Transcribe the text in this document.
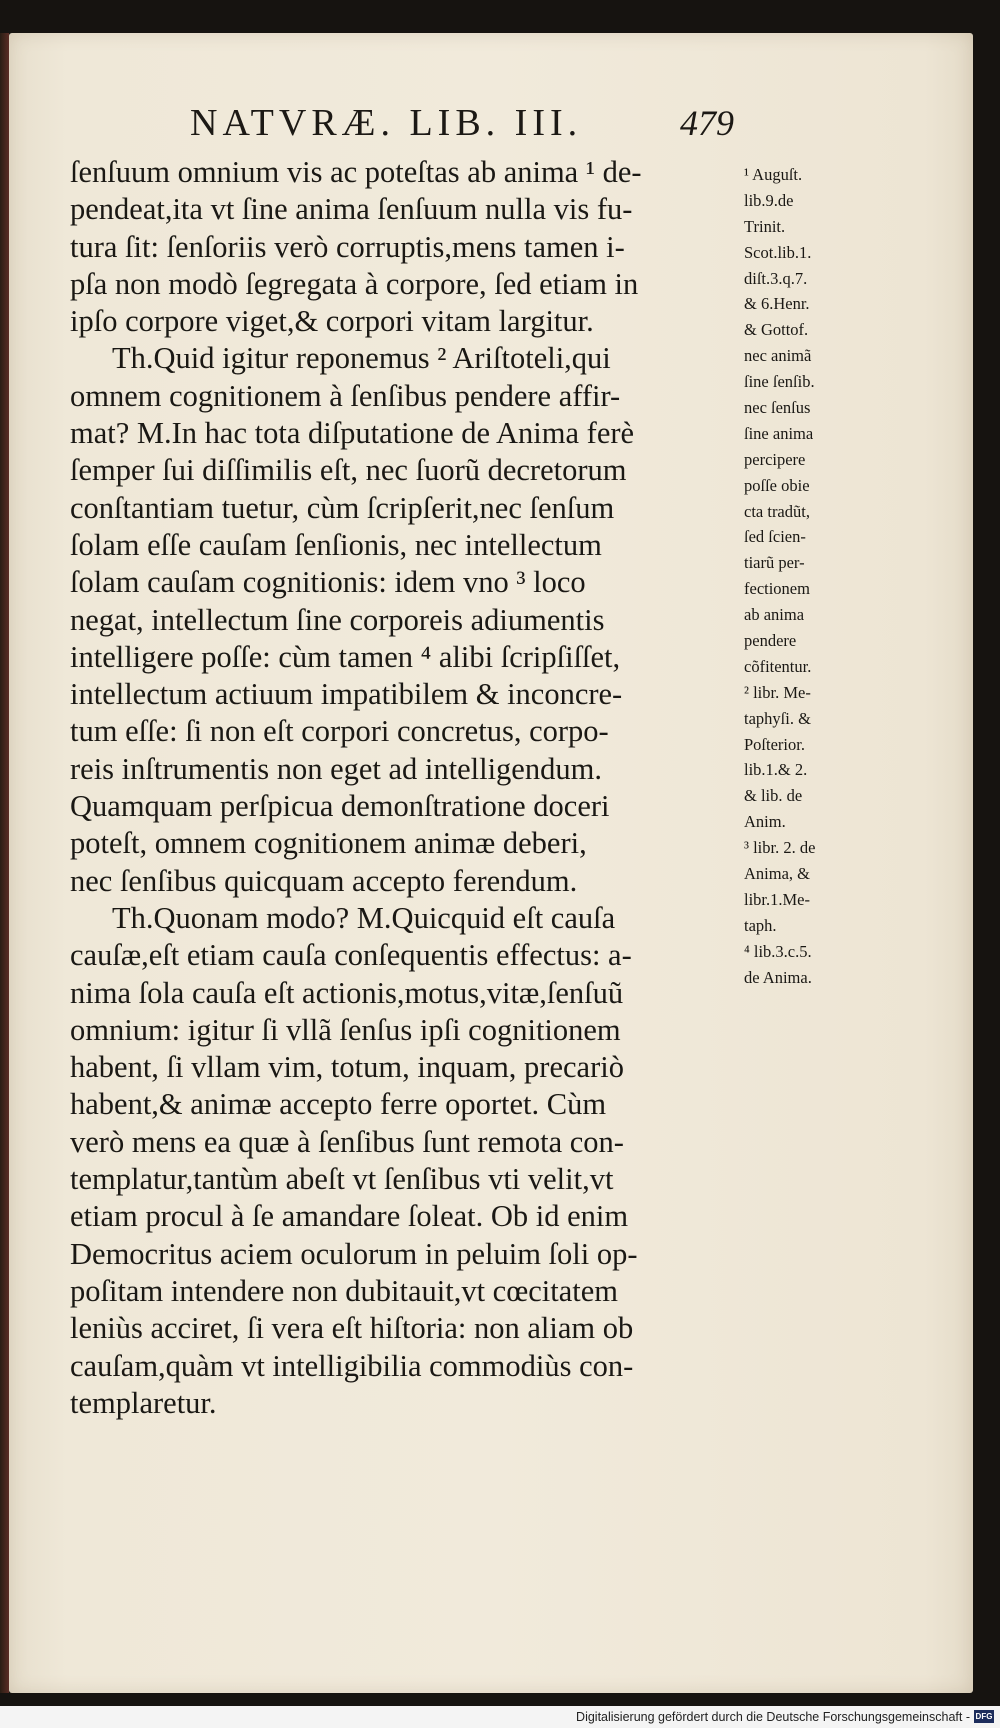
NATVRÆ. LIB. III.	479
ſenſuum omnium vis ac poteſtas ab anima ¹ de-
pendeat,ita vt ſine anima ſenſuum nulla vis fu-
tura ſit: ſenſoriis verò corruptis,mens tamen i-
pſa non modò ſegregata à corpore, ſed etiam in
ipſo corpore viget,& corpori vitam largitur.
Th.Quid igitur reponemus ² Ariſtoteli,qui
omnem cognitionem à ſenſibus pendere affir-
mat? M.In hac tota diſputatione de Anima ferè
ſemper ſui diſſimilis eſt, nec ſuorũ decretorum
conſtantiam tuetur, cùm ſcripſerit,nec ſenſum
ſolam eſſe cauſam ſenſionis, nec intellectum
ſolam cauſam cognitionis: idem vno ³ loco
negat, intellectum ſine corporeis adiumentis
intelligere poſſe: cùm tamen ⁴ alibi ſcripſiſſet,
intellectum actiuum impatibilem & inconcre-
tum eſſe: ſi non eſt corpori concretus, corpo-
reis inſtrumentis non eget ad intelligendum.
Quamquam perſpicua demonſtratione doceri
poteſt, omnem cognitionem animæ deberi,
nec ſenſibus quicquam accepto ferendum.
Th.Quonam modo? M.Quicquid eſt cauſa
cauſæ,eſt etiam cauſa conſequentis effectus: a-
nima ſola cauſa eſt actionis,motus,vitæ,ſenſuũ
omnium: igitur ſi vllã ſenſus ipſi cognitionem
habent, ſi vllam vim, totum, inquam, precariò
habent,& animæ accepto ferre oportet. Cùm
verò mens ea quæ à ſenſibus ſunt remota con-
templatur,tantùm abeſt vt ſenſibus vti velit,vt
etiam procul à ſe amandare ſoleat. Ob id enim
Democritus aciem oculorum in peluim ſoli op-
poſitam intendere non dubitauit,vt cœcitatem
leniùs acciret, ſi vera eſt hiſtoria: non aliam ob
cauſam,quàm vt intelligibilia commodiùs con-
templaretur.
¹ Auguſt.
lib.9.de
Trinit.
Scot.lib.1.
diſt.3.q.7.
& 6.Henr.
& Gottof.
nec animã
ſine ſenſib.
nec ſenſus
ſine anima
percipere
poſſe obie
cta tradũt,
ſed ſcien-
tiarũ per-
fectionem
ab anima
pendere
cõfitentur.
² libr. Me-
taphyſi. &
Poſterior.
lib.1.& 2.
& lib. de
Anim.
³ libr. 2. de
Anima, &
libr.1.Me-
taph.
⁴ lib.3.c.5.
de Anima.
Digitalisierung gefördert durch die Deutsche Forschungsgemeinschaft - DFG
